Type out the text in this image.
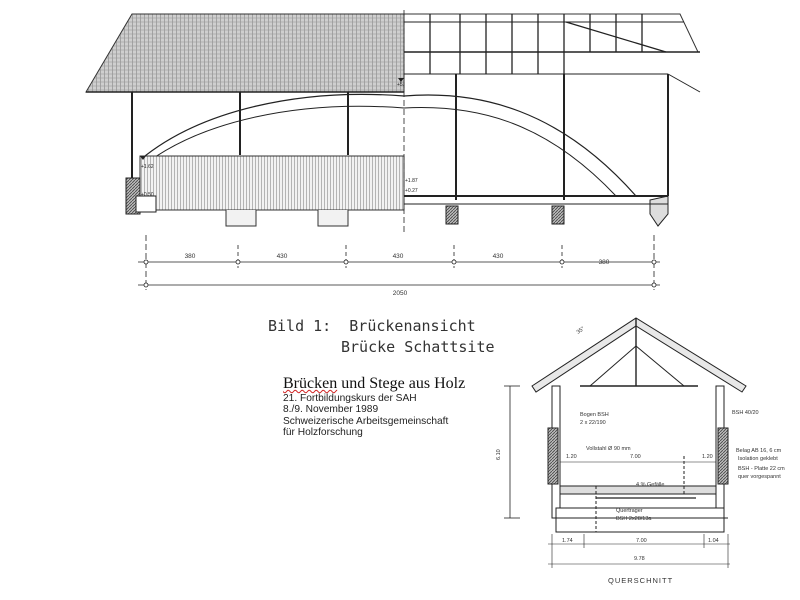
+1.62
+0.50
+5.
+1.87
+0.27
380	430	430	430
380
2050
35°
6.10
Bogen BSH
2 x 22/190
BSH 40/20
Vollstahl Ø 90 mm
1.20	7.00	1.20
Belag AB 16, 6 cm
Isolation geklebt
BSH - Platte 22 cm
quer vorgespannt
4 % Gefälle
Querträger
BSH 2x28/13a
1.74	7.00	1.04
9.78
QUERSCHNITT
Bild 1: Brückenansicht
Brücke Schattsite
Brücken und Stege aus Holz
21. Fortbildungskurs der SAH
8./9. November 1989
Schweizerische Arbeitsgemeinschaft
für Holzforschung
